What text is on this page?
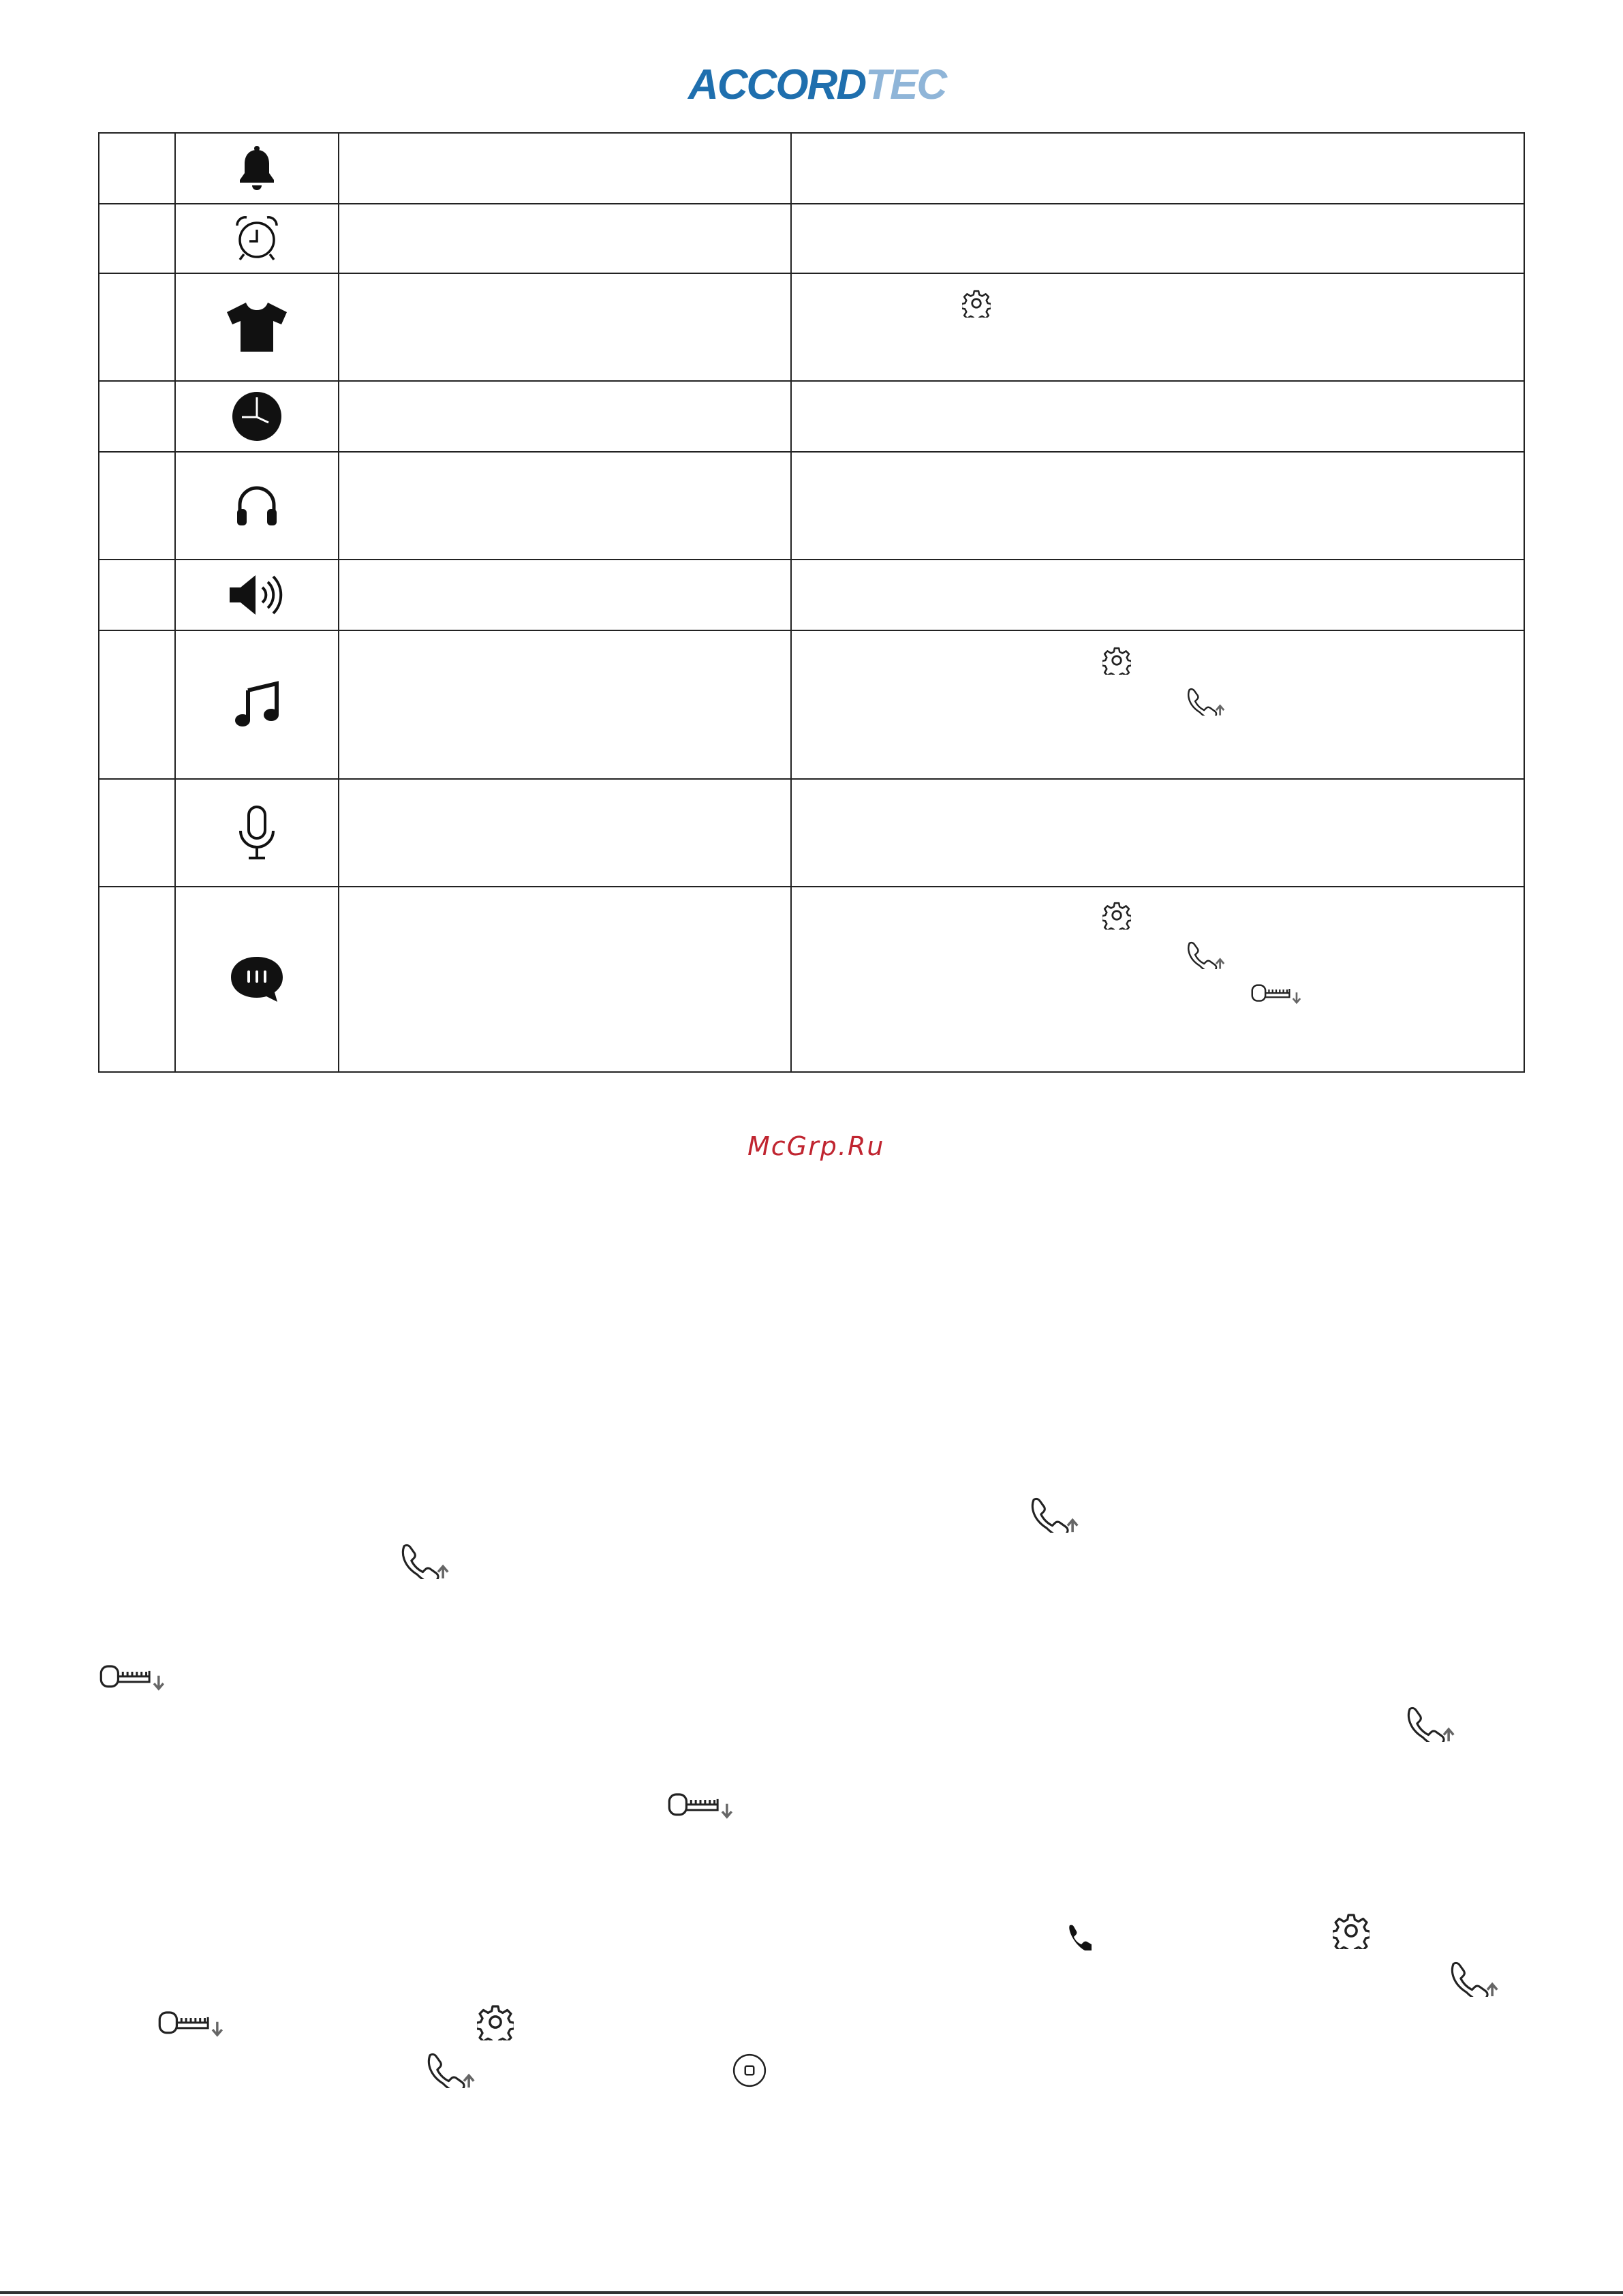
ACCORD TEC

McGrp.Ru
